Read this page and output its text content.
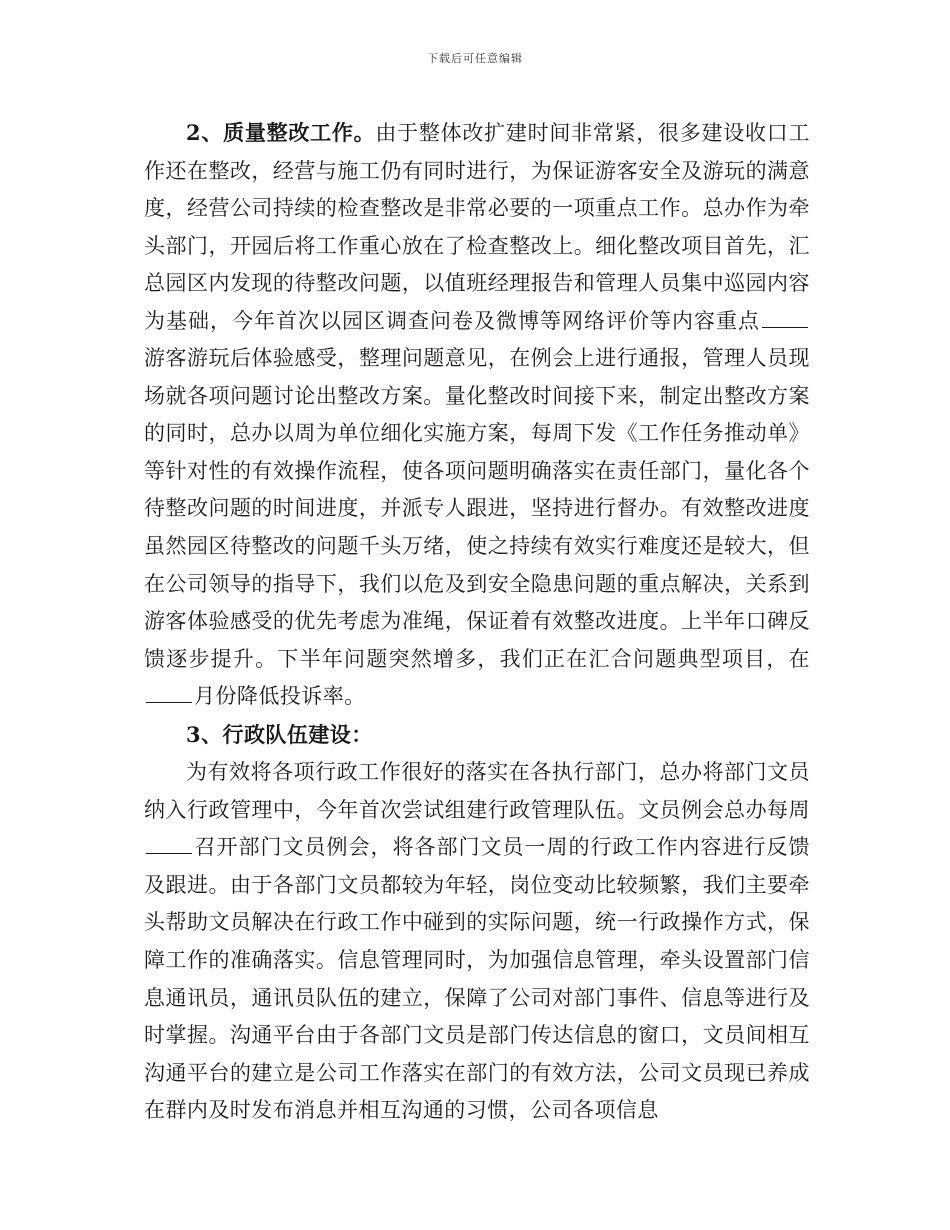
下载后可任意编辑

2、质量整改工作。由于整体改扩建时间非常紧，很多建设收口工作还在整改，经营与施工仍有同时进行，为保证游客安全及游玩的满意度，经营公司持续的检查整改是非常必要的一项重点工作。总办作为牵头部门，开园后将工作重心放在了检查整改上。细化整改项目首先，汇总园区内发现的待整改问题，以值班经理报告和管理人员集中巡园内容为基础，今年首次以园区调查问卷及微博等网络评价等内容重点游客游玩后体验感受，整理问题意见，在例会上进行通报，管理人员现场就各项问题讨论出整改方案。量化整改时间接下来，制定出整改方案的同时，总办以周为单位细化实施方案，每周下发《工作任务推动单》等针对性的有效操作流程，使各项问题明确落实在责任部门，量化各个待整改问题的时间进度，并派专人跟进，坚持进行督办。有效整改进度虽然园区待整改的问题千头万绪，使之持续有效实行难度还是较大，但在公司领导的指导下，我们以危及到安全隐患问题的重点解决，关系到游客体验感受的优先考虑为准绳，保证着有效整改进度。上半年口碑反馈逐步提升。下半年问题突然增多，我们正在汇合问题典型项目，在月份降低投诉率。

3、行政队伍建设：

为有效将各项行政工作很好的落实在各执行部门，总办将部门文员纳入行政管理中，今年首次尝试组建行政管理队伍。文员例会总办每周召开部门文员例会，将各部门文员一周的行政工作内容进行反馈及跟进。由于各部门文员都较为年轻，岗位变动比较频繁，我们主要牵头帮助文员解决在行政工作中碰到的实际问题，统一行政操作方式，保障工作的准确落实。信息管理同时，为加强信息管理，牵头设置部门信息通讯员，通讯员队伍的建立，保障了公司对部门事件、信息等进行及时掌握。沟通平台由于各部门文员是部门传达信息的窗口，文员间相互沟通平台的建立是公司工作落实在部门的有效方法，公司文员现已养成在群内及时发布消息并相互沟通的习惯，公司各项信息
